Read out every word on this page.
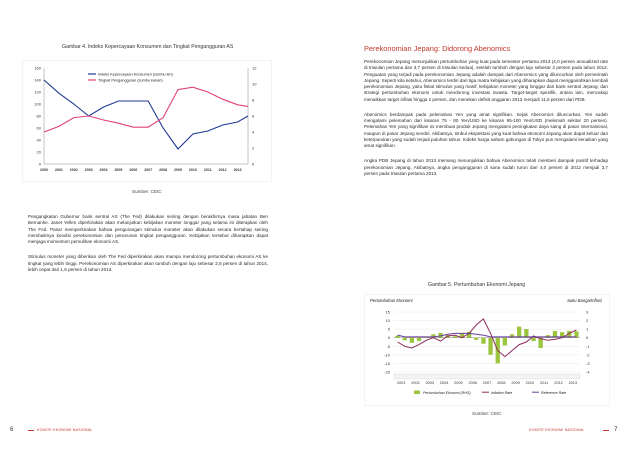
Gambar 4. Indeks Kepercayaan Konsumen dan Tingkat Pengangguran AS
0
20
40
60
80
100
120
140
160
0
2
4
6
8
10
12
2000 2001 2002 2003 2004 2005 2006 2007 2008 2009 2010 2011 2012 2013
Indeks Kepercayaan Konsumen (sumbu kiri)
Tingkat Pengangguran (sumbu kanan)
Sumber: CEIC

Pengangkatan Gubernur bank sentral AS (The Fed) dilakukan seiring dengan berakhirnya masa jabatan Ben Bernanke. Janet Yellen diperkirakan akan melanjutkan kebijakan moneter longgar yang selama ini diterapkan oleh The Fed. Pasar memperkirakan bahwa pengurangan stimulus moneter akan dilakukan secara bertahap seiring membaiknya kondisi perekonomian dan penurunan tingkat pengangguran. Kebijakan tersebut diharapkan dapat menjaga momentum pemulihan ekonomi AS.

Stimulus moneter yang diberikan oleh The Fed diperkirakan akan mampu mendorong pertumbuhan ekonomi AS ke tingkat yang lebih tinggi. Perekonomian AS diperkirakan akan tumbuh dengan laju sebesar 2,6 persen di tahun 2014, lebih cepat dari 1,6 persen di tahun 2013.

6	KOMITE EKONOMI NASIONAL
Perekonomian Jepang: Didorong Abenomics

Perekonomian Jepang menunjukkan pertumbuhan yang kuat pada semester pertama 2013 (4,0 persen annualized rate di triwulan pertama dan 3,7 persen di triwulan kedua), setelah tumbuh dengan laju sebesar 2 persen pada tahun 2012. Penguatan yang terjadi pada perekonomian Jepang adalah dampak dari Abenomics yang diluncurkan oleh pemerintah Jepang. Seperti kita ketahui, Abenomics terdiri dari tiga matra kebijakan yang diharapkan dapat menggairahkan kembali perekonomian Jepang, yaitu fiskal stimulus yang masif; kebijakan moneter yang longgar dari bank sentral Jepang; dan strategi pertumbuhan ekonomi untuk mendorong investasi swasta. Target-target spesifik, antara lain, mencakup menaikkan target inflasi hingga 2 persen, dan menekan defisit anggaran 2013 menjadi 11,5 persen dari PDB.

Abenomics berdampak pada pelemahan Yen yang amat signifikan. Sejak Abenomics diluncurkan, Yen sudah mengalami pelemahan dari kisaran 75 - 80 Yen/USD ke kisaran 95-100 Yen/USD (melemah sekitar 20 persen). Pelemahan Yen yang signifikan ini membuat produk Jepang mengalami peningkatan daya saing di pasar internasional, maupun di pasar Jepang sendiri. Akibatnya, timbul ekspektasi yang kuat bahwa ekonomi Jepang akan dapat keluar dari keterpurukan yang sudah terjadi puluhan tahun. Indeks harga saham gabungan di Tokyo pun mengalami kenaikan yang amat signifikan.

Angka PDB Jepang di tahun 2013 memang menunjukkan bahwa Abenomics telah memberi dampak positif terhadap perekonomian Jepang. Akibatnya, angka pengangguran di sana sudah turun dari 4,0 persen di 2012 menjadi 3,7 persen pada triwulan pertama 2013.

Gambar 5. Pertumbuhan Ekonomi Jepang
Pertumbuhan Ekonomi	Suku Bunga/Inflasi
15
10
5
0
-5
-10
-15
-20
3
2
1
0
-1
-2
-3
-4
2001 2002 2003 2004 2005 2006 2007 2008 2009 2010 2011 2012 2013
Pertumbuhan Ekonomi (RHS)	Inflation Rate	Reference Rate
Sumber: CEIC
KOMITE EKONOMI NASIONAL	7
